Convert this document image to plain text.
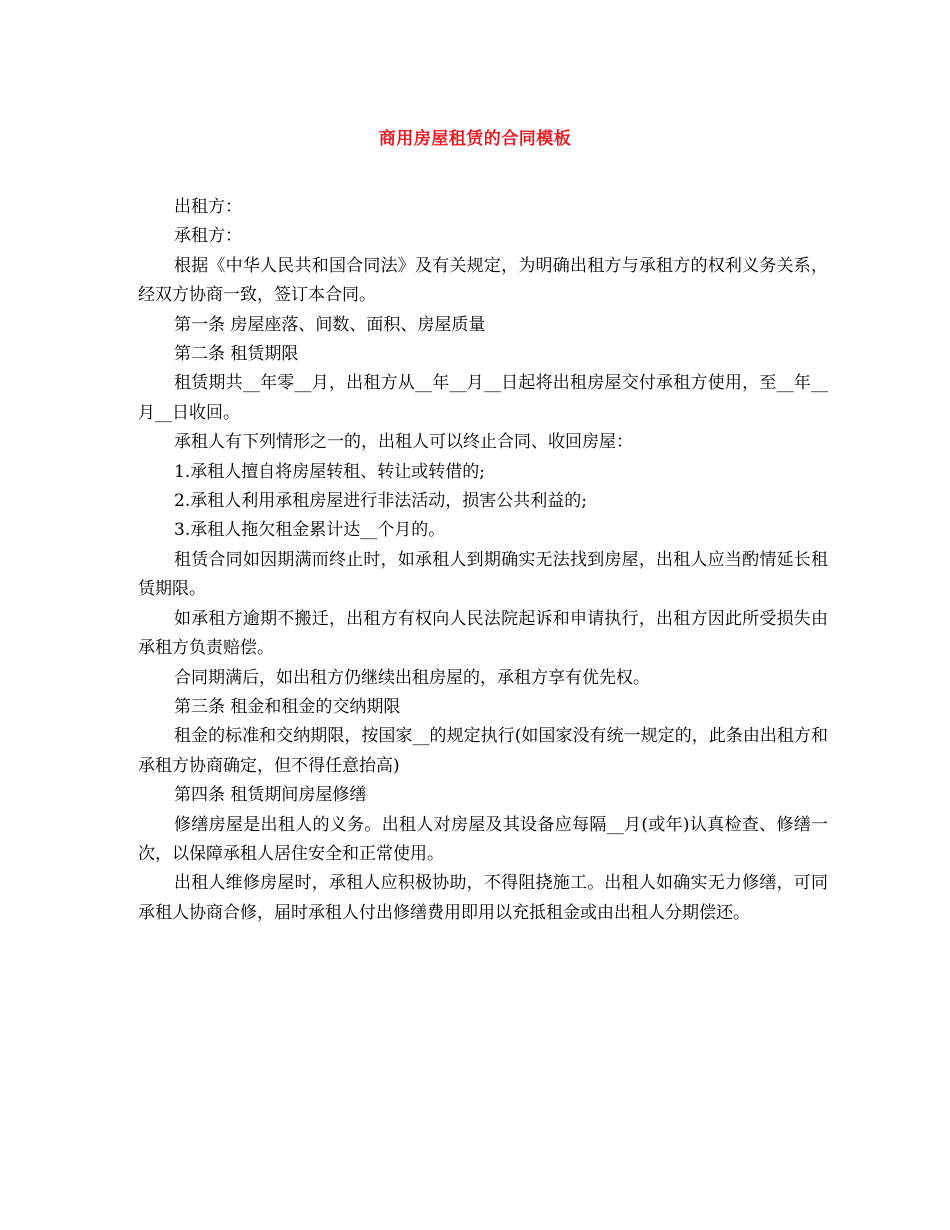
商用房屋租赁的合同模板

出租方：

承租方：

根据《中华人民共和国合同法》及有关规定，为明确出租方与承租方的权利义务关系，经双方协商一致，签订本合同。

第一条 房屋座落、间数、面积、房屋质量

第二条 租赁期限

租赁期共__年零__月，出租方从__年__月__日起将出租房屋交付承租方使用，至__年__月__日收回。

承租人有下列情形之一的，出租人可以终止合同、收回房屋：

1.承租人擅自将房屋转租、转让或转借的;

2.承租人利用承租房屋进行非法活动，损害公共利益的;

3.承租人拖欠租金累计达__个月的。

租赁合同如因期满而终止时，如承租人到期确实无法找到房屋，出租人应当酌情延长租赁期限。

如承租方逾期不搬迁，出租方有权向人民法院起诉和申请执行，出租方因此所受损失由承租方负责赔偿。

合同期满后，如出租方仍继续出租房屋的，承租方享有优先权。

第三条 租金和租金的交纳期限

租金的标准和交纳期限，按国家__的规定执行(如国家没有统一规定的，此条由出租方和承租方协商确定，但不得任意抬高)

第四条 租赁期间房屋修缮

修缮房屋是出租人的义务。出租人对房屋及其设备应每隔__月(或年)认真检查、修缮一次，以保障承租人居住安全和正常使用。

出租人维修房屋时，承租人应积极协助，不得阻挠施工。出租人如确实无力修缮，可同承租人协商合修，届时承租人付出修缮费用即用以充抵租金或由出租人分期偿还。
